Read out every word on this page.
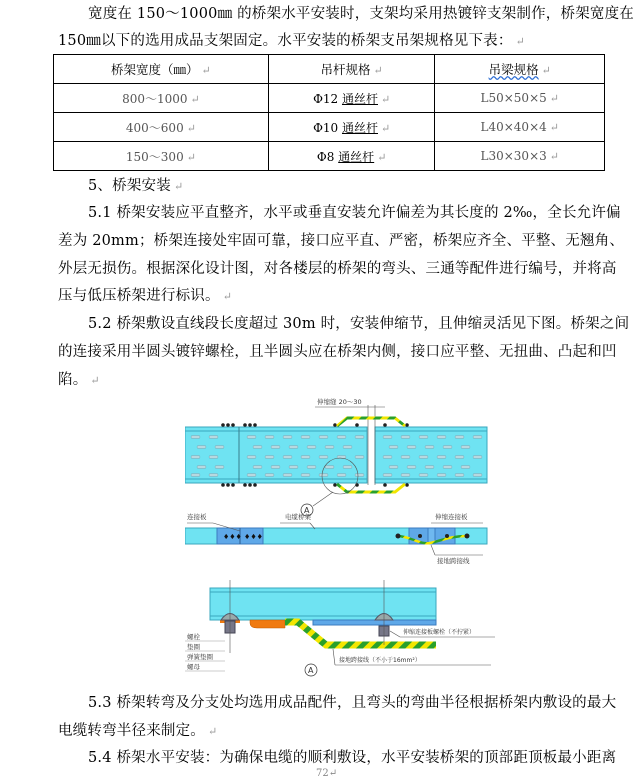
宽度在 150～1000㎜ 的桥架水平安装时，支架均采用热镀锌支架制作，桥架宽度在
150㎜以下的选用成品支架固定。水平安装的桥架支吊架规格见下表： ↵
桥架宽度（㎜） ↵	吊杆规格 ↵	吊梁规格 ↵
800～1000 ↵	Φ12 通丝杆 ↵	L50×50×5 ↵
400～600 ↵	Φ10 通丝杆 ↵	L40×40×4 ↵
150～300 ↵	Φ8 通丝杆 ↵	L30×30×3 ↵
5、桥架安装 ↵
5.1 桥架安装应平直整齐，水平或垂直安装允许偏差为其长度的 2‰，全长允许偏
差为 20mm；桥架连接处牢固可靠，接口应平直、严密，桥架应齐全、平整、无翘角、
外层无损伤。根据深化设计图，对各楼层的桥架的弯头、三通等配件进行编号，并将高
压与低压桥架进行标识。 ↵
5.2 桥架敷设直线段长度超过 30m 时，安装伸缩节，且伸缩灵活见下图。桥架之间
的连接采用半圆头镀锌螺栓，且半圆头应在桥架内侧，接口应平整、无扭曲、凸起和凹
陷。 ↵
伸缩缝 20～30
A
♦♦♦ ♦♦♦
连接板	电缆桥架	伸缩连接板
接地跨接线
螺栓
垫圈
弹簧垫圈
螺母
伸缩连接板螺栓（不拧紧）
接地跨接线（不小于16mm²）
A
5.3 桥架转弯及分支处均选用成品配件，且弯头的弯曲半径根据桥架内敷设的最大
电缆转弯半径来制定。 ↵
5.4 桥架水平安装：为确保电缆的顺利敷设，水平安装桥架的顶部距顶板最小距离
72↵
